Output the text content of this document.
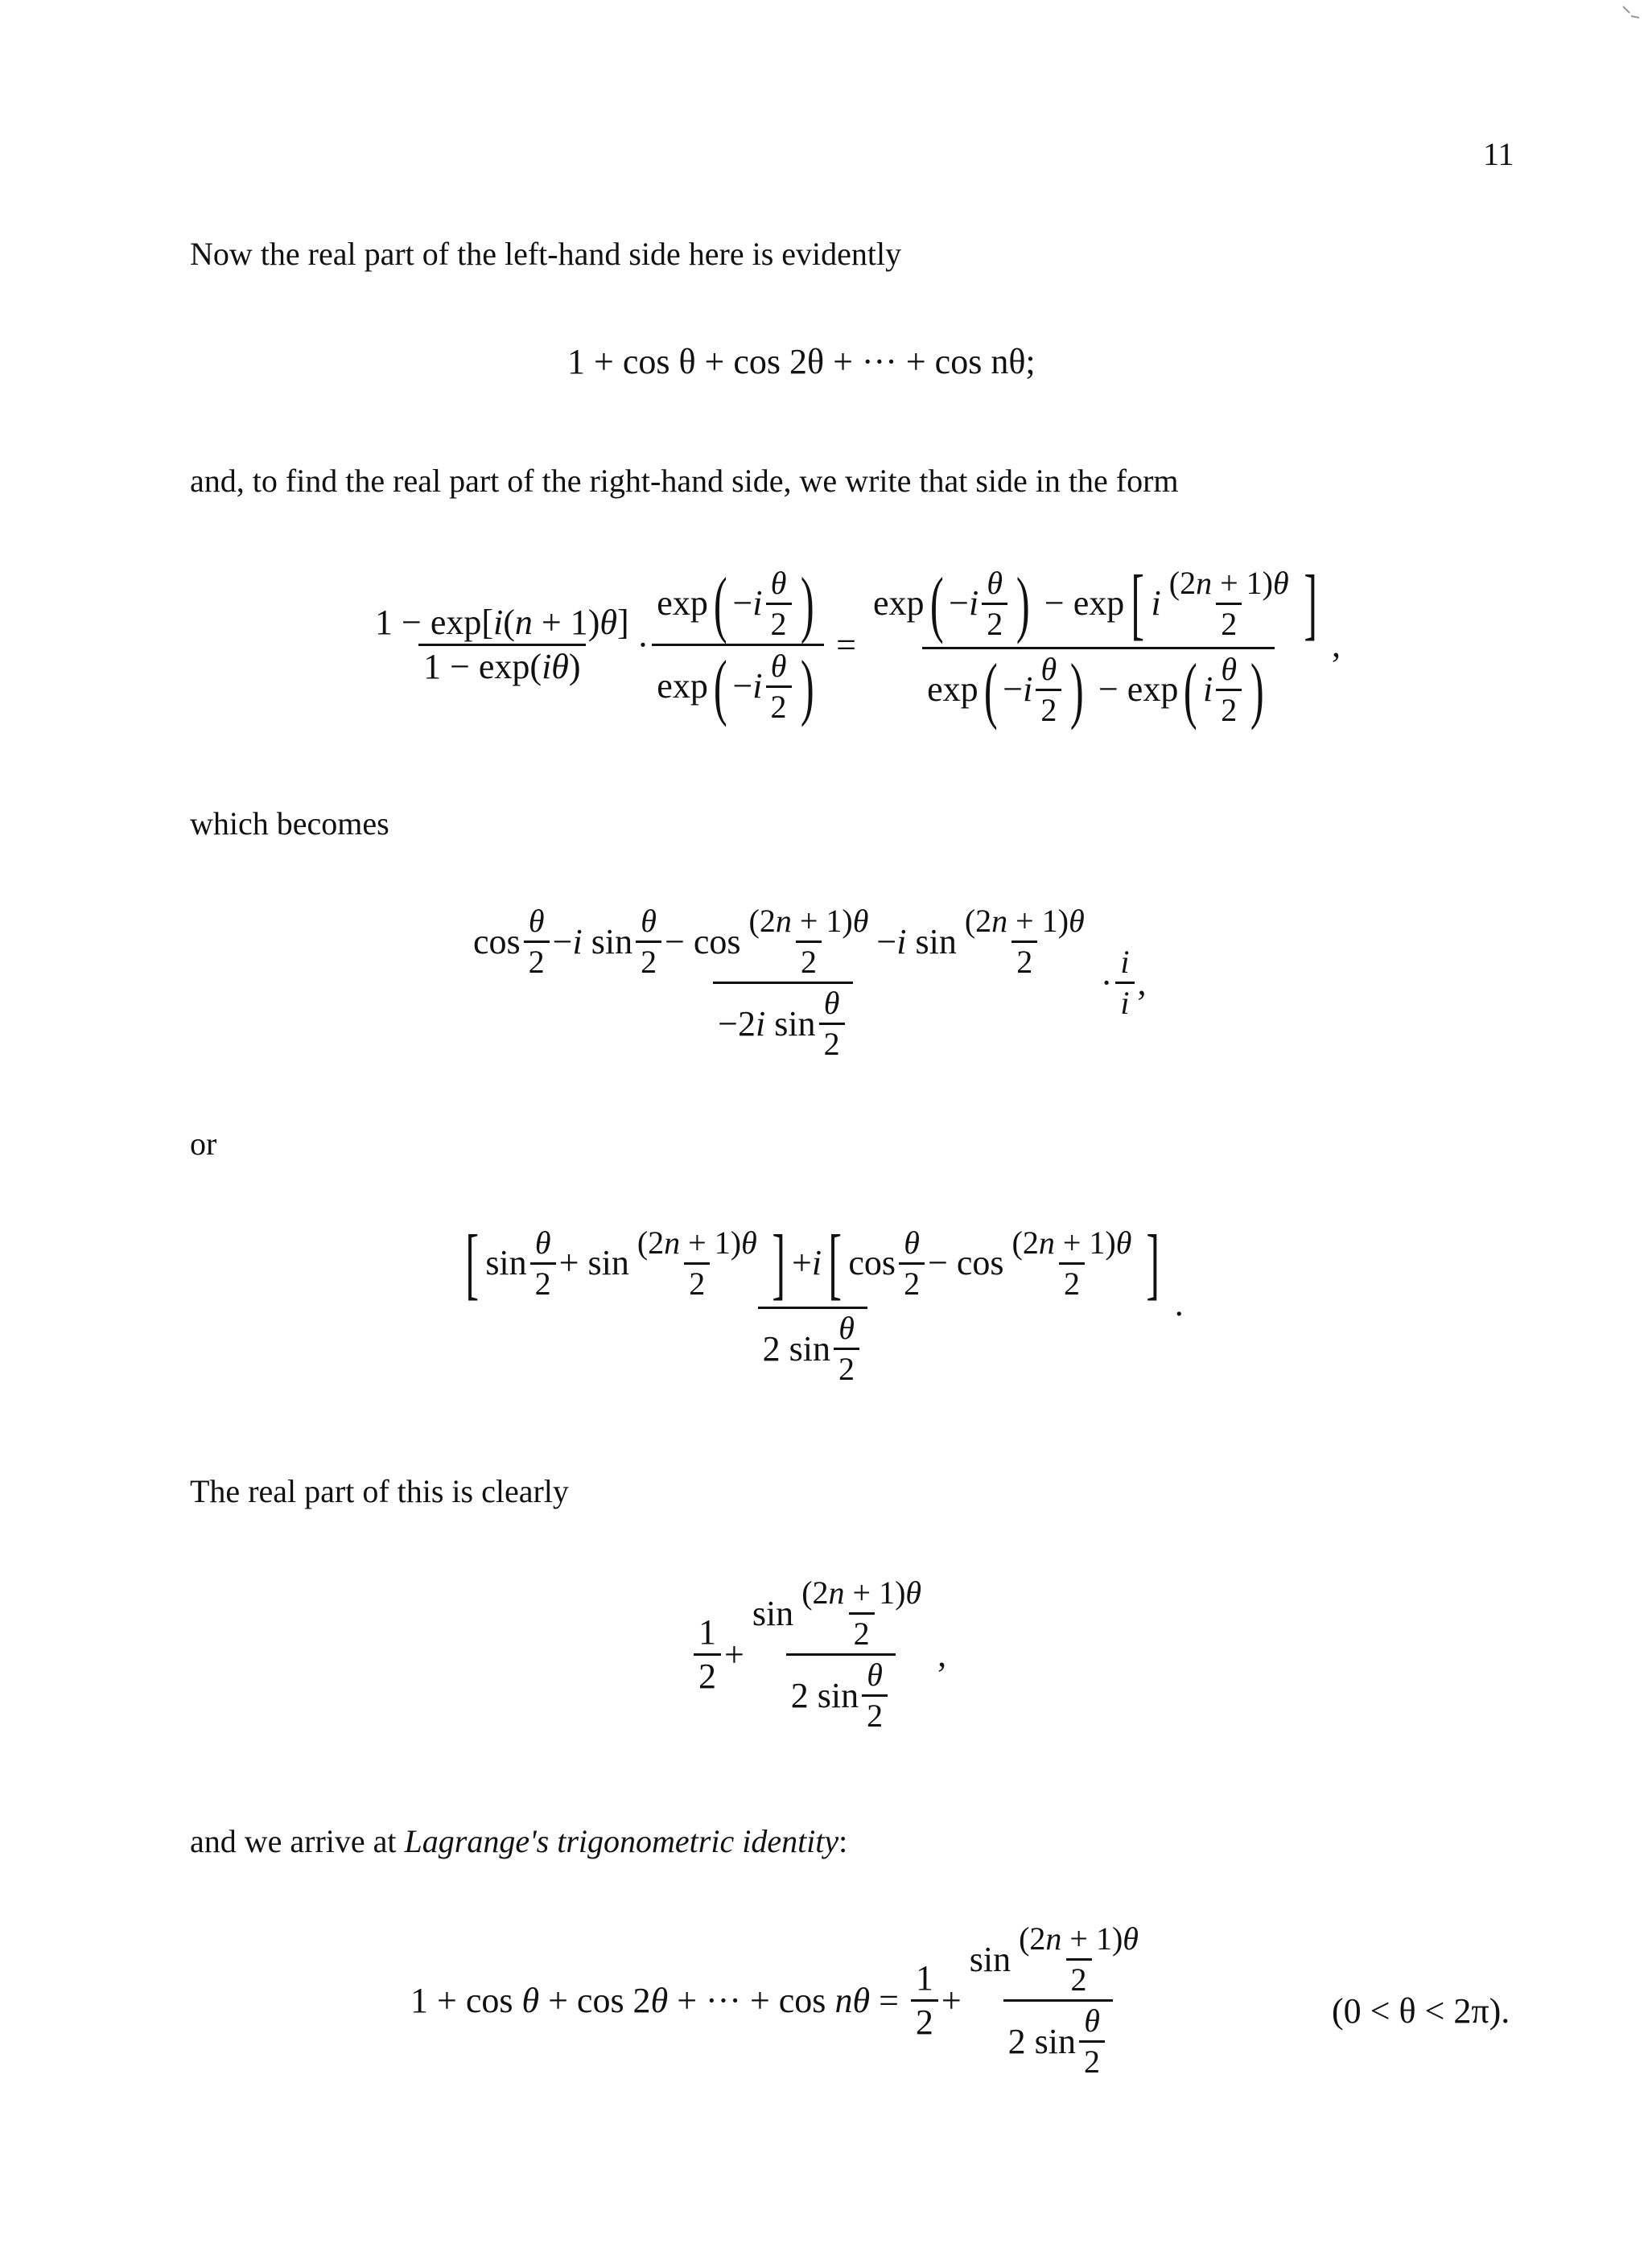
11
Now the real part of the left-hand side here is evidently
1 + cos θ + cos 2θ + ··· + cos nθ;
and, to find the real part of the right-hand side, we write that side in the form
$\frac{1 - \exp[i(n + 1)\theta]}{1 - \exp(i\theta)} \cdot \frac{\exp ( - i \frac{\theta}{2} )}{\exp ( - i \frac{\theta}{2} )} = \frac{\exp ( - i \frac{\theta}{2} ) - \exp [ i \frac{(2n + 1)\theta}{2} ]}{\exp ( - i \frac{\theta}{2} ) - \exp ( i \frac{\theta}{2} )}$ ,
which becomes
$\frac{\cos \frac{\theta}{2} - i \sin \frac{\theta}{2} - \cos \frac{(2n + 1)\theta}{2} - i \sin \frac{(2n + 1)\theta}{2}}{-2 i \sin \frac{\theta}{2}} \cdot \frac{i}{i}$ ,
or
$\frac{[ \sin \frac{\theta}{2} + \sin \frac{(2n + 1)\theta}{2} ] + i [ \cos \frac{\theta}{2} - \cos \frac{(2n + 1)\theta}{2} ]}{2 \sin \frac{\theta}{2}}$ .
The real part of this is clearly
$\frac{1}{2} + \frac{\sin \frac{(2n + 1)\theta}{2}}{2 \sin \frac{\theta}{2}}$ ,
and we arrive at Lagrange's trigonometric identity:
1 + cos θ + cos 2θ + ··· + $\cos n\theta = \frac{1}{2} + \frac{\sin \frac{(2n + 1)\theta}{2}}{2 \sin \frac{\theta}{2}}$	(0 < θ < 2π).
